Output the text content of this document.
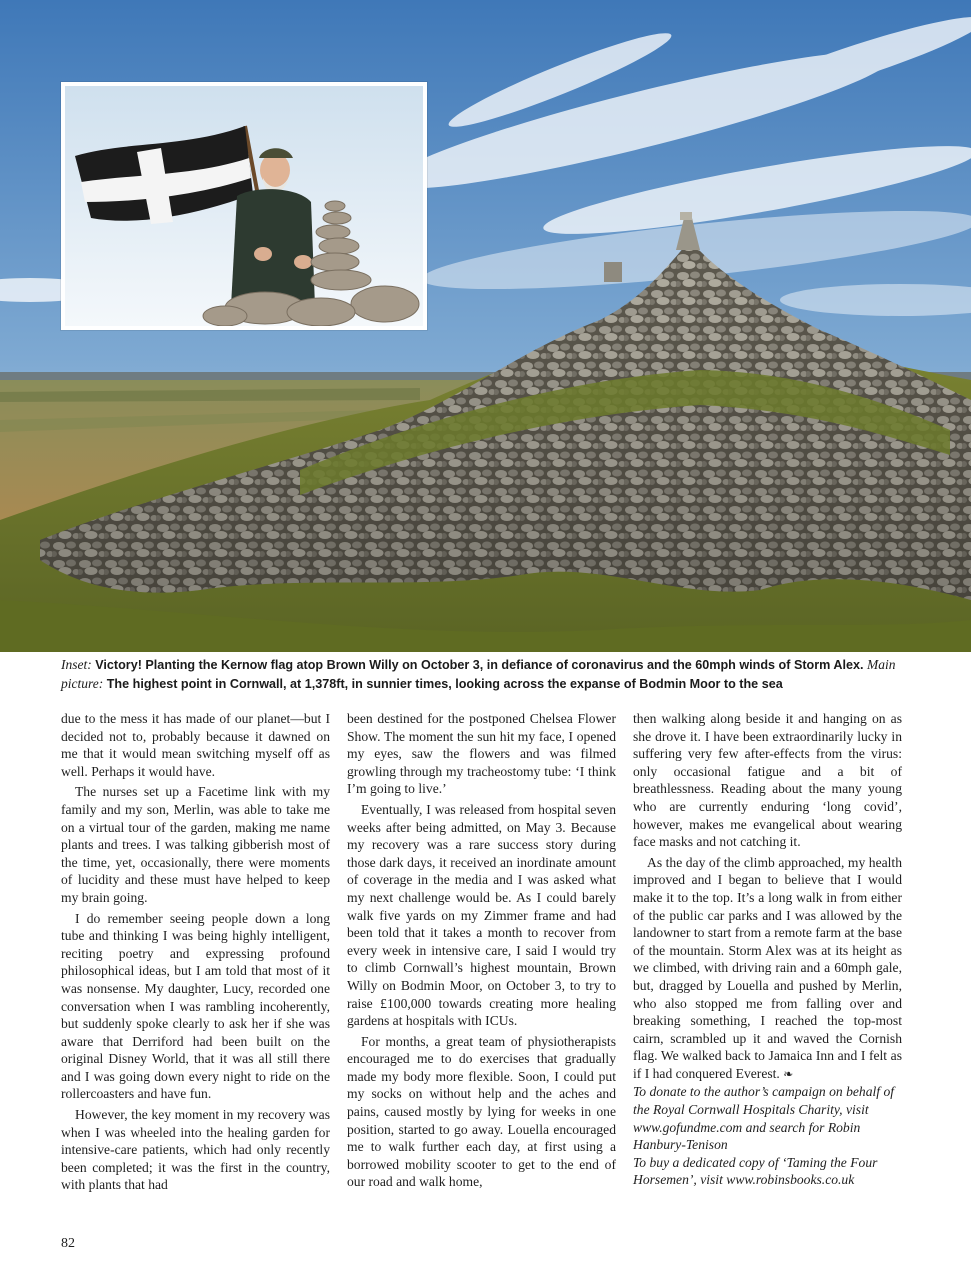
Inset: Victory! Planting the Kernow flag atop Brown Willy on October 3, in defiance of coronavirus and the 60mph winds of Storm Alex. Main picture: The highest point in Cornwall, at 1,378ft, in sunnier times, looking across the expanse of Bodmin Moor to the sea

due to the mess it has made of our planet—but I decided not to, probably because it dawned on me that it would mean switching myself off as well. Perhaps it would have.

The nurses set up a Facetime link with my family and my son, Merlin, was able to take me on a virtual tour of the garden, making me name plants and trees. I was talking gibberish most of the time, yet, occasionally, there were moments of lucidity and these must have helped to keep my brain going.

I do remember seeing people down a long tube and thinking I was being highly intelligent, reciting poetry and expressing profound philosophical ideas, but I am told that most of it was nonsense. My daughter, Lucy, recorded one conversation when I was rambling incoherently, but suddenly spoke clearly to ask her if she was aware that Derriford had been built on the original Disney World, that it was all still there and I was going down every night to ride on the rollercoasters and have fun.

However, the key moment in my recovery was when I was wheeled into the healing garden for intensive-care patients, which had only recently been completed; it was the first in the country, with plants that had

been destined for the postponed Chelsea Flower Show. The moment the sun hit my face, I opened my eyes, saw the flowers and was filmed growling through my tracheostomy tube: ‘I think I’m going to live.’

Eventually, I was released from hospital seven weeks after being admitted, on May 3. Because my recovery was a rare success story during those dark days, it received an inordinate amount of coverage in the media and I was asked what my next challenge would be. As I could barely walk five yards on my Zimmer frame and had been told that it takes a month to recover from every week in intensive care, I said I would try to climb Cornwall’s highest mountain, Brown Willy on Bodmin Moor, on October 3, to try to raise £100,000 towards creating more healing gardens at hospitals with ICUs.

For months, a great team of physiotherapists encouraged me to do exercises that gradually made my body more flexible. Soon, I could put my socks on without help and the aches and pains, caused mostly by lying for weeks in one position, started to go away. Louella encouraged me to walk further each day, at first using a borrowed mobility scooter to get to the end of our road and walk home,

then walking along beside it and hanging on as she drove it. I have been extraordinarily lucky in suffering very few after-effects from the virus: only occasional fatigue and a bit of breathlessness. Reading about the many young who are currently enduring ‘long covid’, however, makes me evangelical about wearing face masks and not catching it.

As the day of the climb approached, my health improved and I began to believe that I would make it to the top. It’s a long walk in from either of the public car parks and I was allowed by the landowner to start from a remote farm at the base of the mountain. Storm Alex was at its height as we climbed, with driving rain and a 60mph gale, but, dragged by Louella and pushed by Merlin, who also stopped me from falling over and breaking something, I reached the top-most cairn, scrambled up it and waved the Cornish flag. We walked back to Jamaica Inn and I felt as if I had conquered Everest. ❧

To donate to the author’s campaign on behalf of the Royal Cornwall Hospitals Charity, visit www.gofundme.com and search for Robin Hanbury-Tenison

To buy a dedicated copy of ‘Taming the Four Horsemen’, visit www.robinsbooks.co.uk

82
